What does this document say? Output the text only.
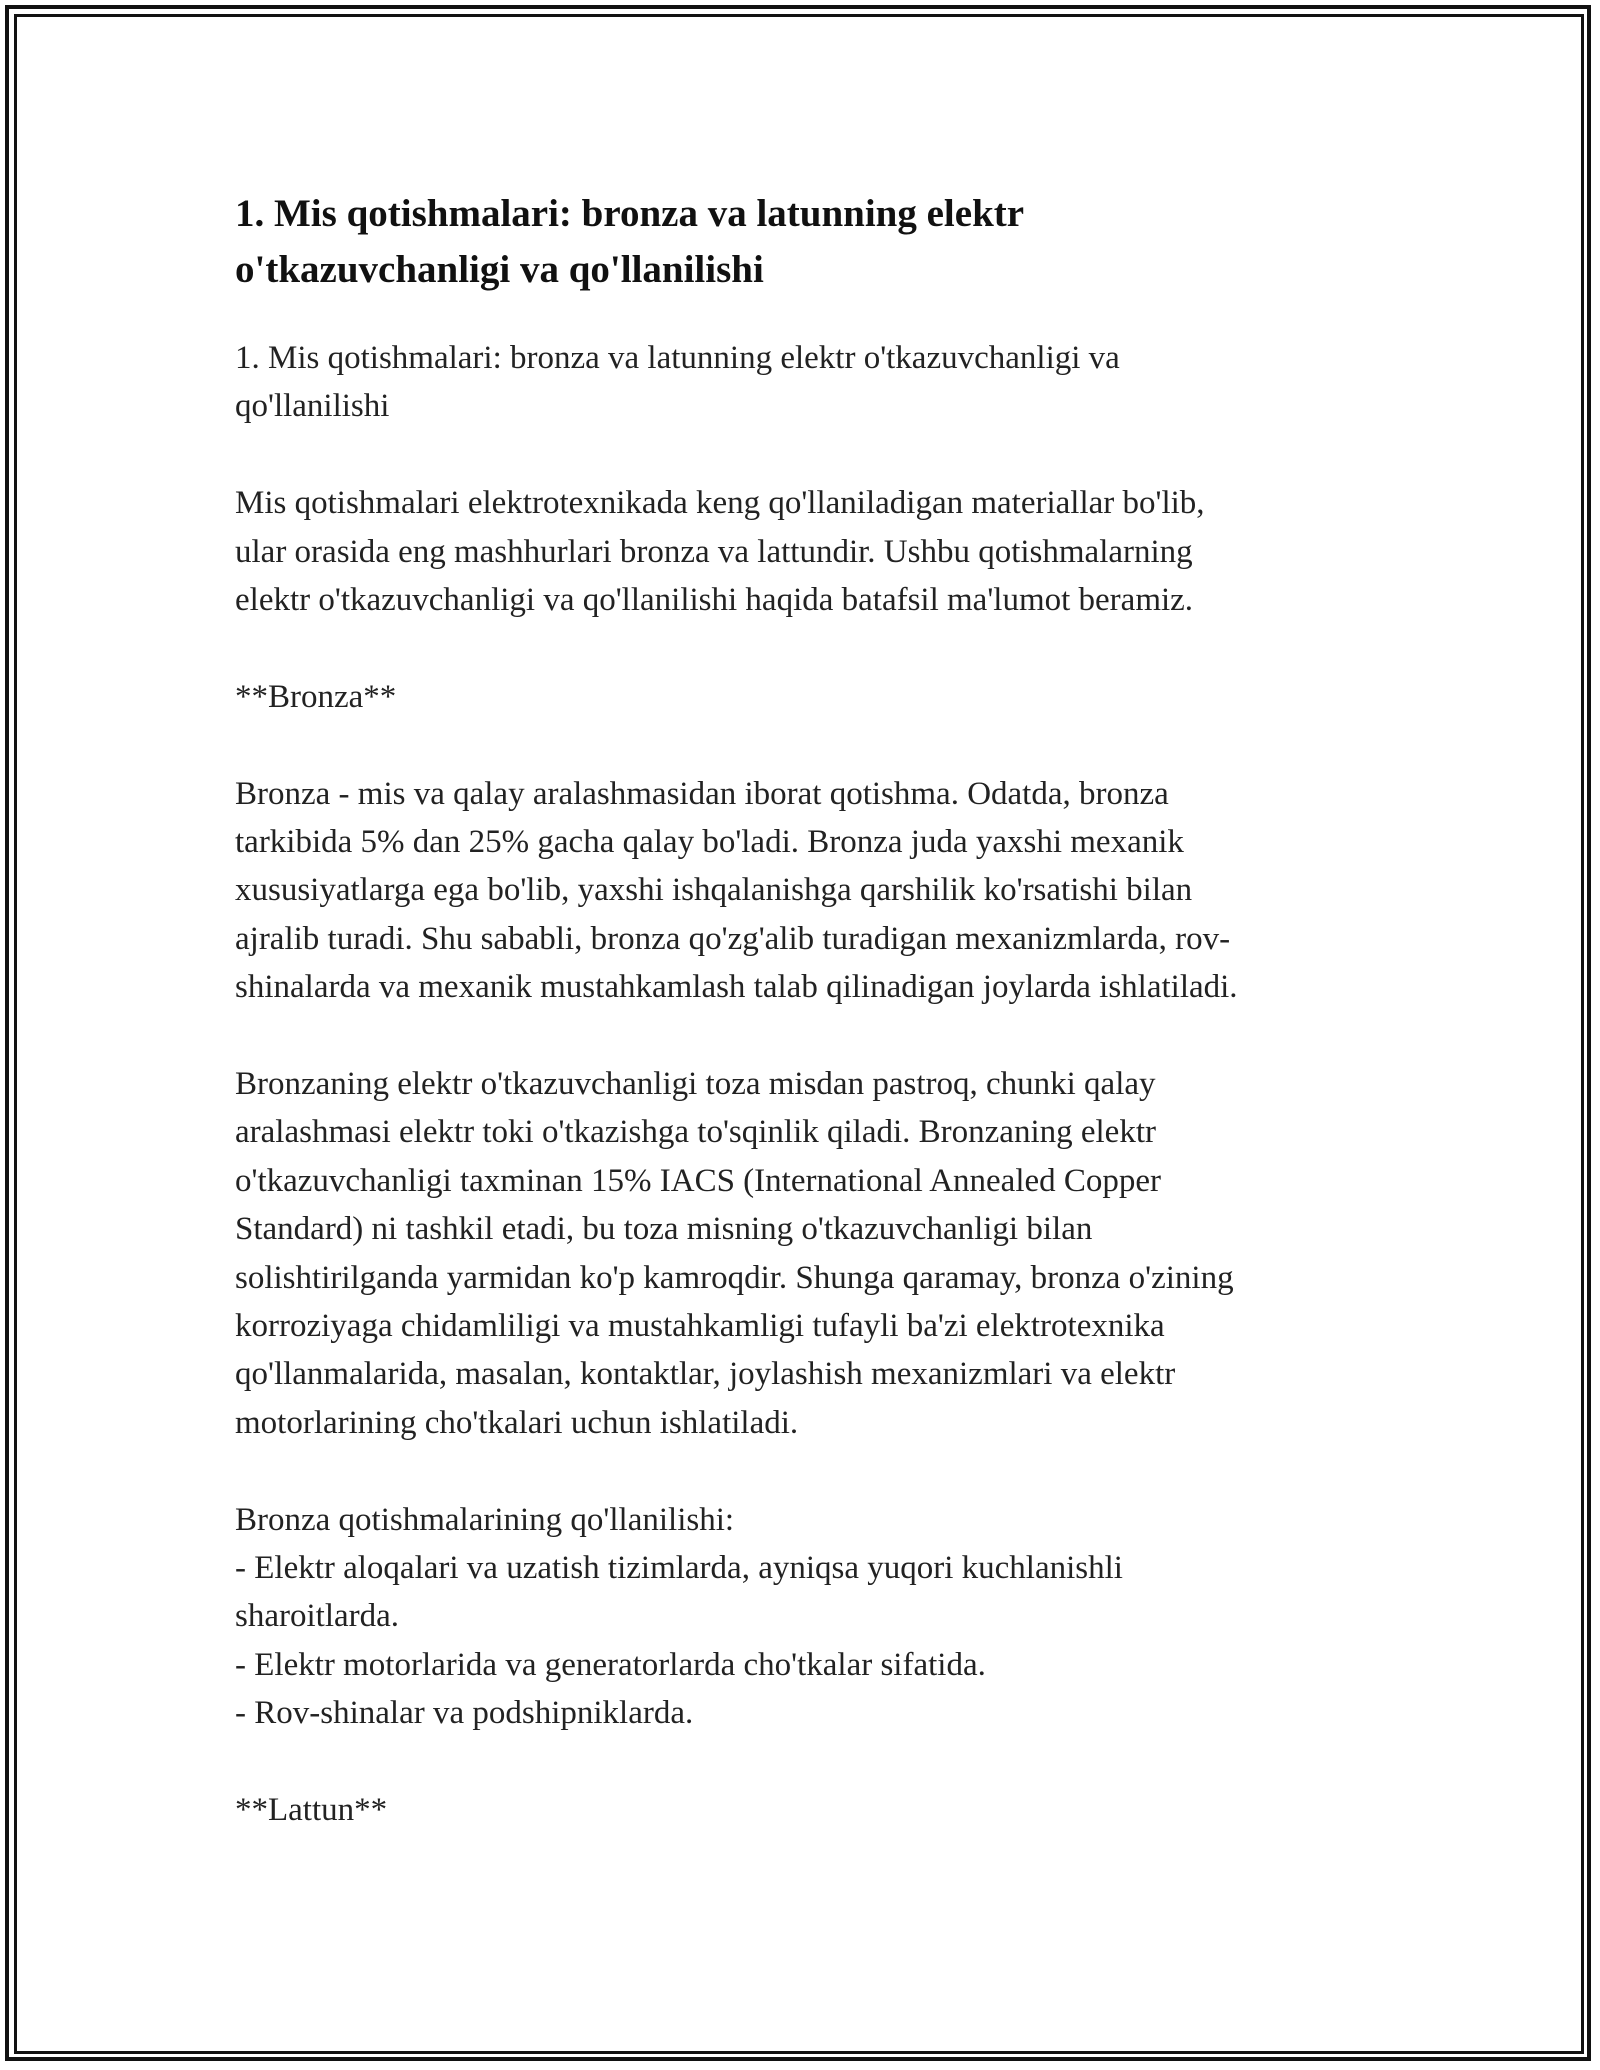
1. Mis qotishmalari: bronza va latunning elektr
o'tkazuvchanligi va qo'llanilishi

1. Mis qotishmalari: bronza va latunning elektr o'tkazuvchanligi va
qo'llanilishi

Mis qotishmalari elektrotexnikada keng qo'llaniladigan materiallar bo'lib,
ular orasida eng mashhurlari bronza va lattundir. Ushbu qotishmalarning
elektr o'tkazuvchanligi va qo'llanilishi haqida batafsil ma'lumot beramiz.

**Bronza**

Bronza - mis va qalay aralashmasidan iborat qotishma. Odatda, bronza
tarkibida 5% dan 25% gacha qalay bo'ladi. Bronza juda yaxshi mexanik
xususiyatlarga ega bo'lib, yaxshi ishqalanishga qarshilik ko'rsatishi bilan
ajralib turadi. Shu sababli, bronza qo'zg'alib turadigan mexanizmlarda, rov-
shinalarda va mexanik mustahkamlash talab qilinadigan joylarda ishlatiladi.

Bronzaning elektr o'tkazuvchanligi toza misdan pastroq, chunki qalay
aralashmasi elektr toki o'tkazishga to'sqinlik qiladi. Bronzaning elektr
o'tkazuvchanligi taxminan 15% IACS (International Annealed Copper
Standard) ni tashkil etadi, bu toza misning o'tkazuvchanligi bilan
solishtirilganda yarmidan ko'p kamroqdir. Shunga qaramay, bronza o'zining
korroziyaga chidamliligi va mustahkamligi tufayli ba'zi elektrotexnika
qo'llanmalarida, masalan, kontaktlar, joylashish mexanizmlari va elektr
motorlarining cho'tkalari uchun ishlatiladi.

Bronza qotishmalarining qo'llanilishi:
- Elektr aloqalari va uzatish tizimlarda, ayniqsa yuqori kuchlanishli
sharoitlarda.
- Elektr motorlarida va generatorlarda cho'tkalar sifatida.
- Rov-shinalar va podshipniklarda.

**Lattun**
